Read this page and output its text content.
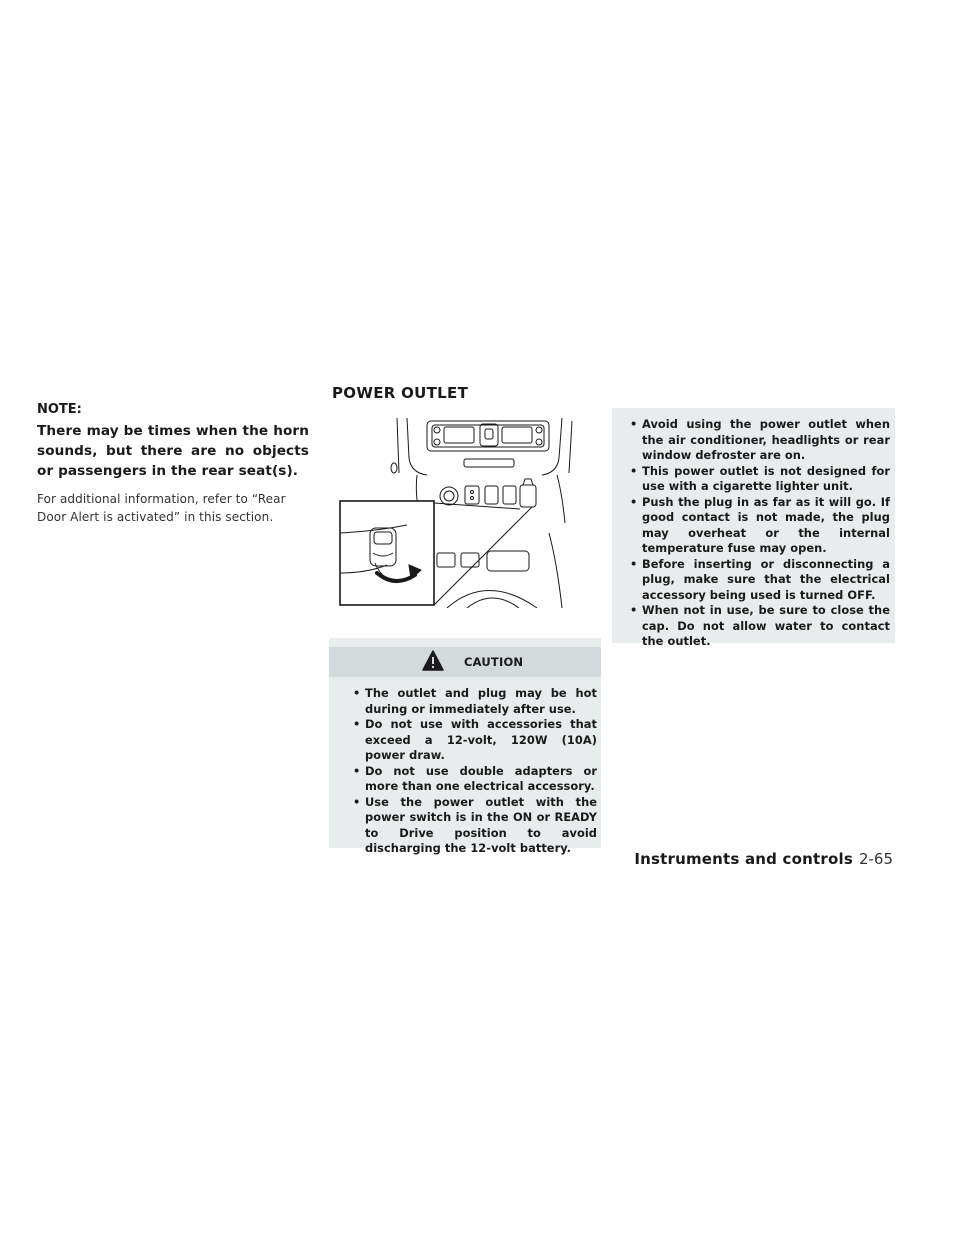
NOTE:

There may be times when the horn sounds, but there are no objects or passengers in the rear seat(s).

For additional information, refer to “Rear Door Alert is activated” in this section.

POWER OUTLET
CAUTION
• The outlet and plug may be hot during or immediately after use.
• Do not use with accessories that exceed a 12-volt, 120W (10A) power draw.
• Do not use double adapters or more than one electrical accessory.
• Use the power outlet with the power switch is in the ON or READY to Drive position to avoid discharging the 12-volt battery.
• Avoid using the power outlet when the air conditioner, headlights or rear window defroster are on.
• This power outlet is not designed for use with a cigarette lighter unit.
• Push the plug in as far as it will go. If good contact is not made, the plug may overheat or the internal temperature fuse may open.
• Before inserting or disconnecting a plug, make sure that the electrical accessory being used is turned OFF.
• When not in use, be sure to close the cap. Do not allow water to contact the outlet.
Instruments and controls 2-65
